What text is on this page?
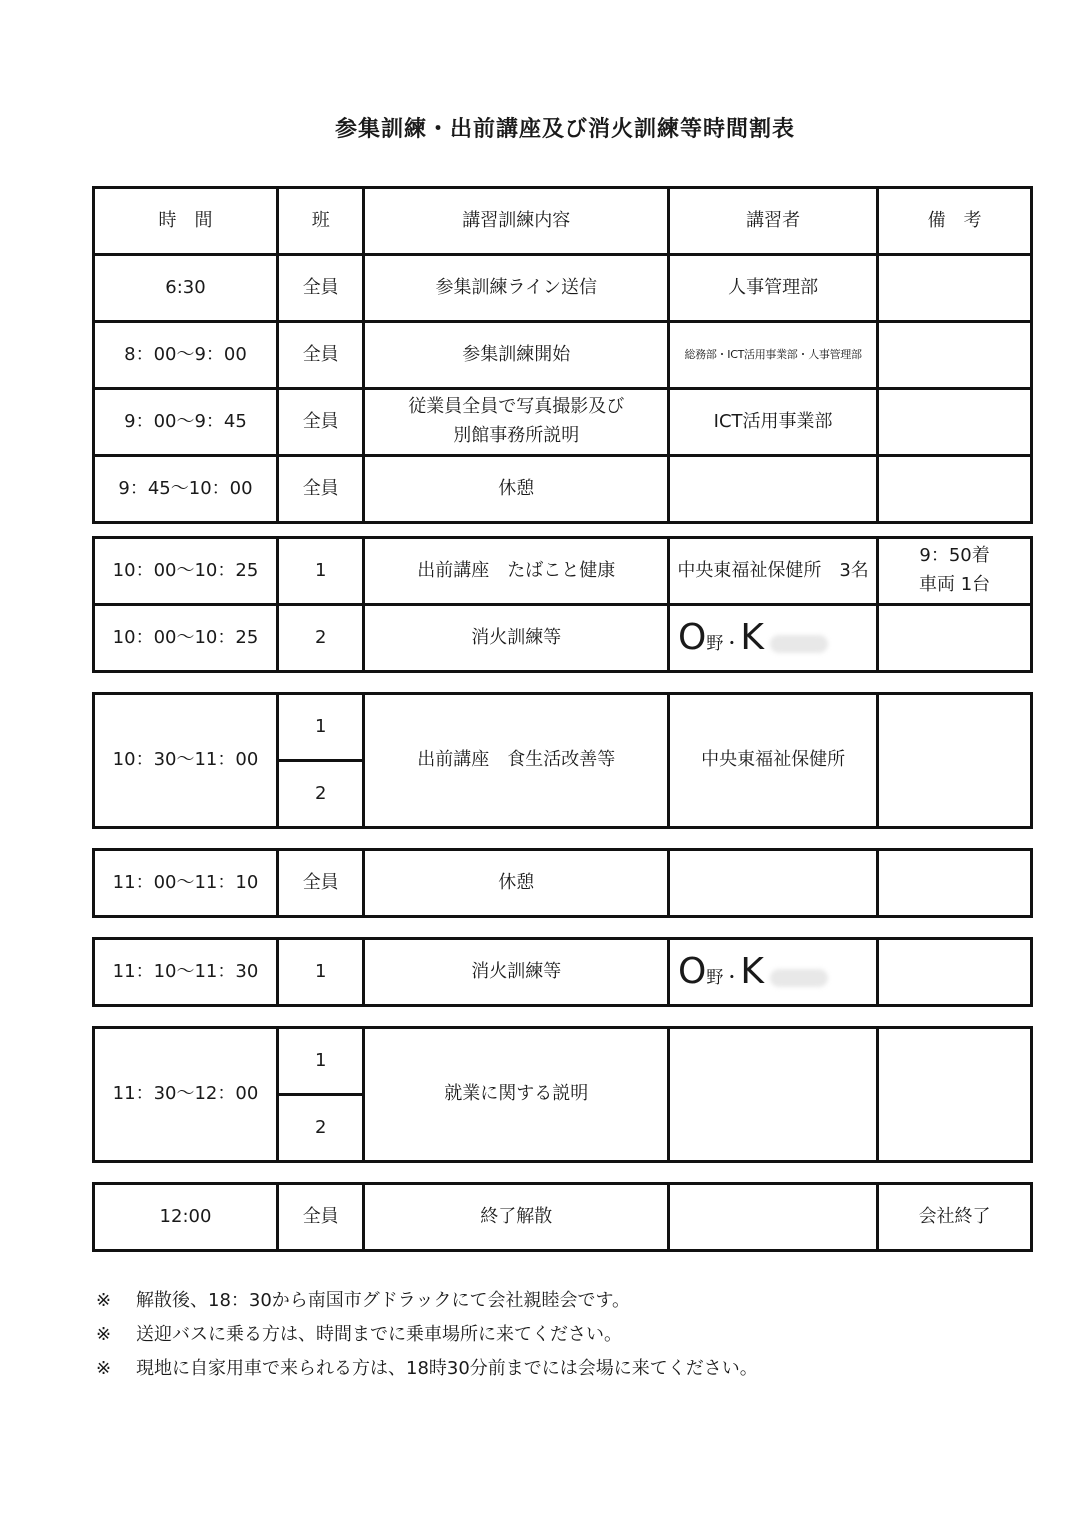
参集訓練・出前講座及び消火訓練等時間割表
時　間	班	講習訓練内容	講習者	備　考
6:30	全員	参集訓練ライン送信	人事管理部	
8：00～9：00	全員	参集訓練開始	総務部・ICT活用事業部・人事管理部	
9：00～9：45	全員	従業員全員で写真撮影及び
別館事務所説明	ICT活用事業部	
9：45～10：00	全員	休憩		
10：00～10：25	1	出前講座　たばこと健康	中央東福祉保健所　3名	9：50着
車両 1台

10：00～10：25	2	消火訓練等	O野・K	
10：30～11：00	1	出前講座　食生活改善等	中央東福祉保健所	
2
11：00～11：10	全員	休憩		
11：10～11：30	1	消火訓練等	O野・K	
11：30～12：00	1	就業に関する説明		
2
12:00	全員	終了解散		会社終了
※ 解散後、18：30から南国市グドラックにて会社親睦会です。
※ 送迎バスに乗る方は、時間までに乗車場所に来てください。
※ 現地に自家用車で来られる方は、18時30分前までには会場に来てください。
